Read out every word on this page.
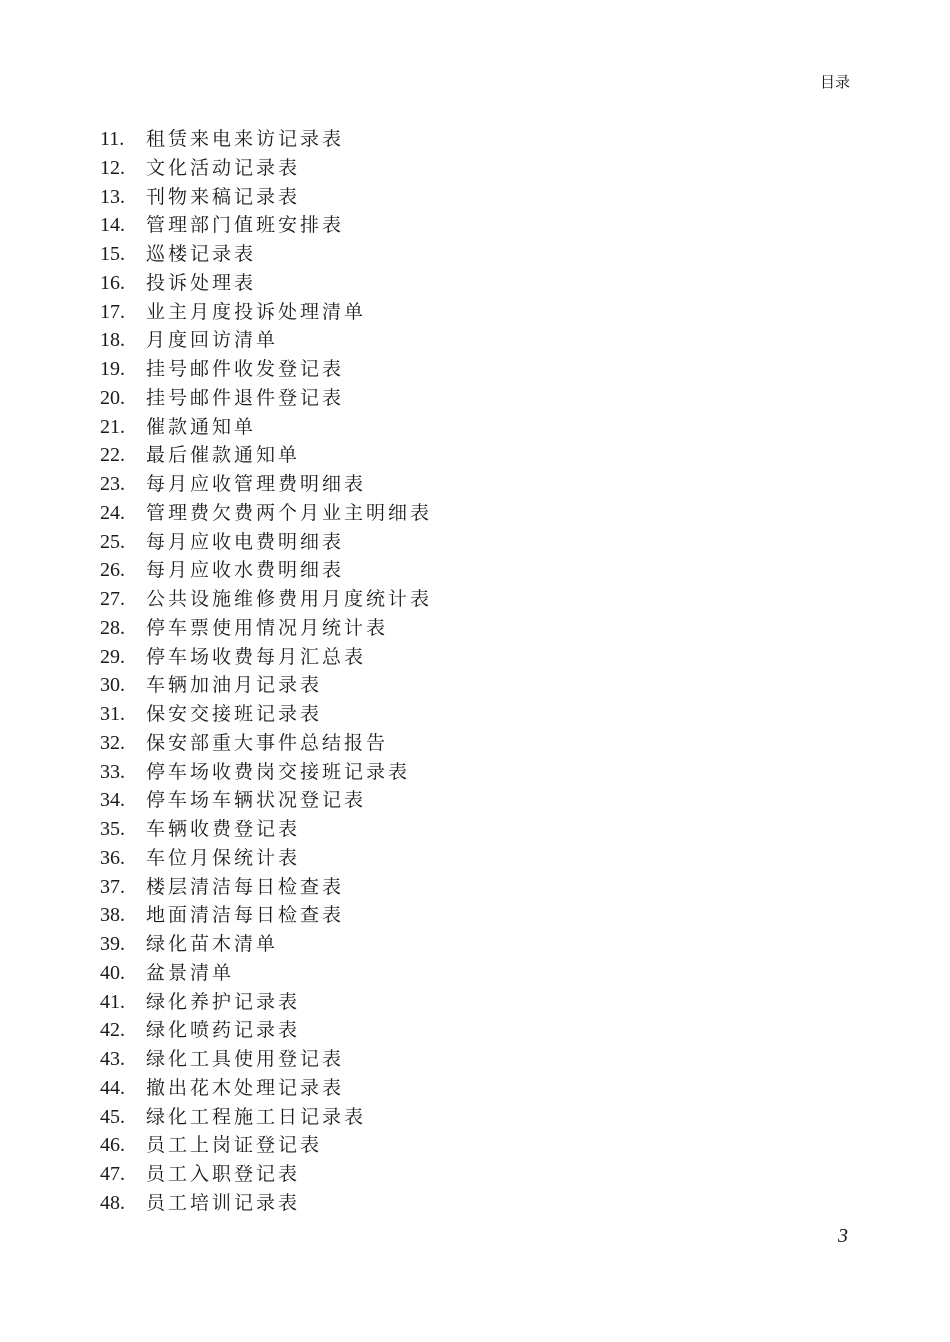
目录
11.	租赁来电来访记录表
12.	文化活动记录表
13.	刊物来稿记录表
14.	管理部门值班安排表
15.	巡楼记录表
16.	投诉处理表
17.	业主月度投诉处理清单
18.	月度回访清单
19.	挂号邮件收发登记表
20.	挂号邮件退件登记表
21.	催款通知单
22.	最后催款通知单
23.	每月应收管理费明细表
24.	管理费欠费两个月业主明细表
25.	每月应收电费明细表
26.	每月应收水费明细表
27.	公共设施维修费用月度统计表
28.	停车票使用情况月统计表
29.	停车场收费每月汇总表
30.	车辆加油月记录表
31.	保安交接班记录表
32.	保安部重大事件总结报告
33.	停车场收费岗交接班记录表
34.	停车场车辆状况登记表
35.	车辆收费登记表
36.	车位月保统计表
37.	楼层清洁每日检查表
38.	地面清洁每日检查表
39.	绿化苗木清单
40.	盆景清单
41.	绿化养护记录表
42.	绿化喷药记录表
43.	绿化工具使用登记表
44.	撤出花木处理记录表
45.	绿化工程施工日记录表
46.	员工上岗证登记表
47.	员工入职登记表
48.	员工培训记录表
3
